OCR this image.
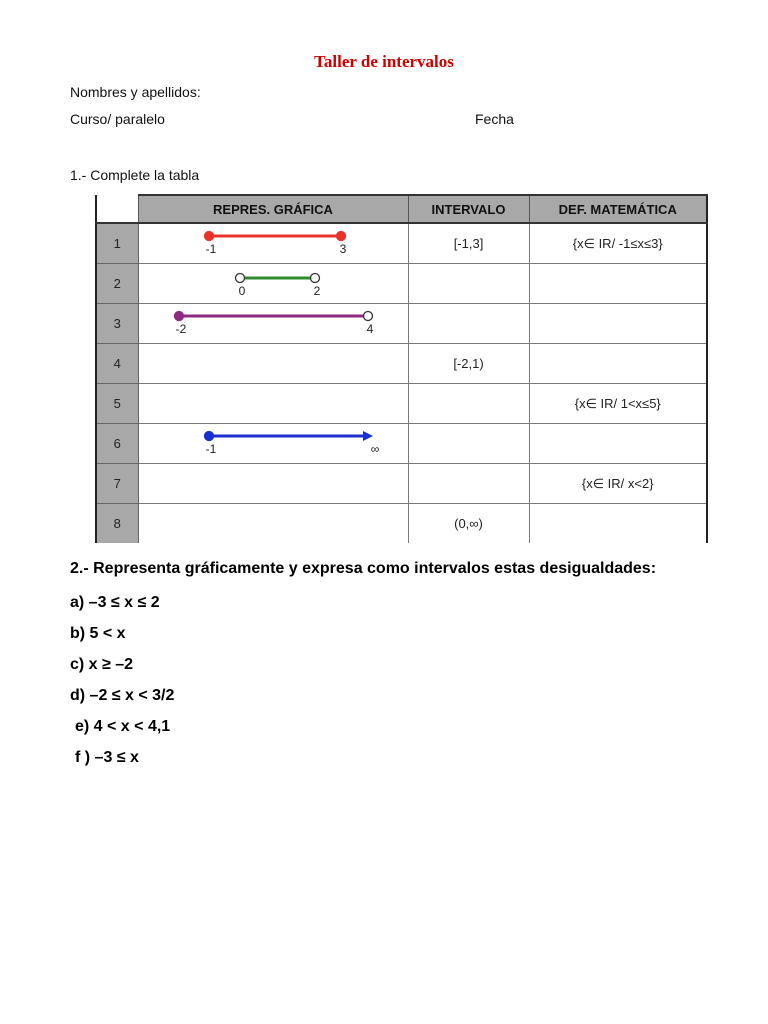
Taller de intervalos
Nombres y apellidos:
Curso/ paralelo	Fecha
1.- Complete la tabla
	REPRES. GRÁFICA	INTERVALO	DEF. MATEMÁTICA
1	-1 3	[-1,3]	{x∈ IR/ -1≤x≤3}
2	0 2		

3	-2 4		

4		[-2,1)	
5			{x∈ IR/ 1<x≤5}
6	-1 ∞		

7			{x∈ IR/ x<2}
8		(0,∞)	
2.- Representa gráficamente y expresa como intervalos estas desigualdades:
a) –3 ≤ x ≤ 2
b) 5 < x
c) x ≥ –2
d) –2 ≤ x < 3/2
e) 4 < x < 4,1
f ) –3 ≤ x
